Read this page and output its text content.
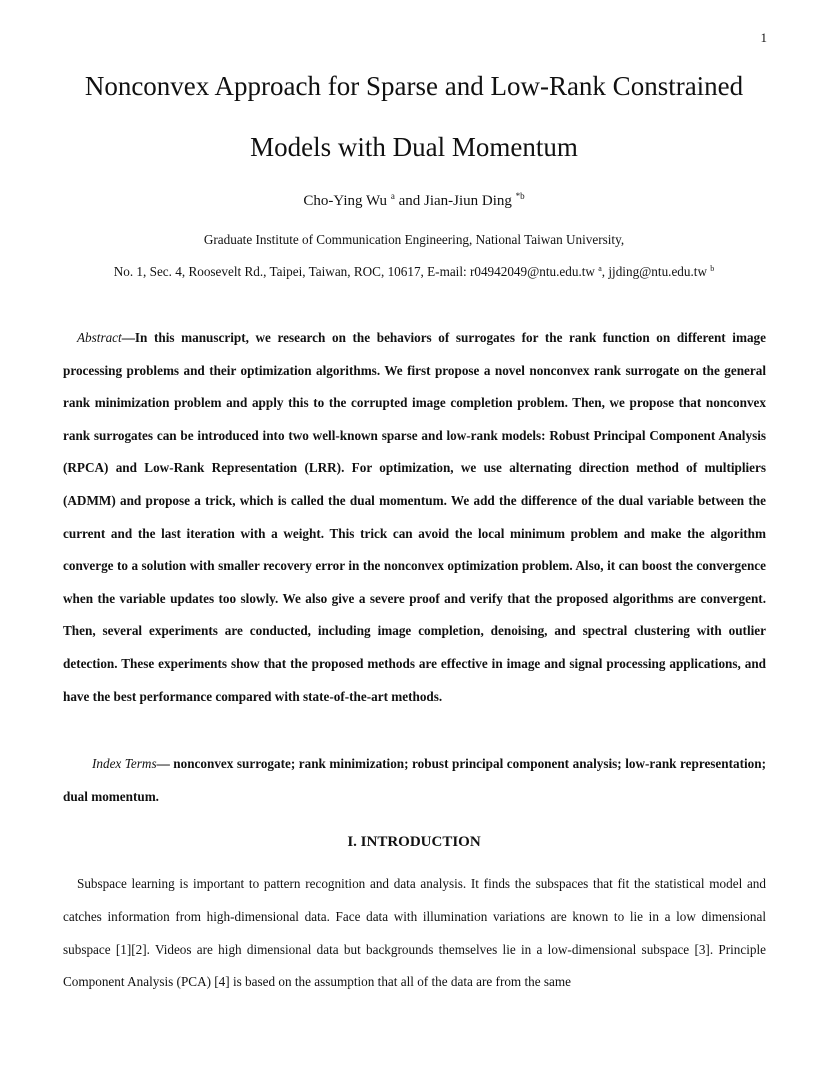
1
Nonconvex Approach for Sparse and Low-Rank Constrained
Models with Dual Momentum
Cho-Ying Wu $^a$ and Jian-Jiun Ding $^{*b}$
Graduate Institute of Communication Engineering, National Taiwan University,
No. 1, Sec. 4, Roosevelt Rd., Taipei, Taiwan, ROC, 10617, E-mail: r04942049@ntu.edu.tw $^a$, jjding@ntu.edu.tw $^b$
Abstract—In this manuscript, we research on the behaviors of surrogates for the rank function on different image processing problems and their optimization algorithms. We first propose a novel nonconvex rank surrogate on the general rank minimization problem and apply this to the corrupted image completion problem. Then, we propose that nonconvex rank surrogates can be introduced into two well-known sparse and low-rank models: Robust Principal Component Analysis (RPCA) and Low-Rank Representation (LRR). For optimization, we use alternating direction method of multipliers (ADMM) and propose a trick, which is called the dual momentum. We add the difference of the dual variable between the current and the last iteration with a weight. This trick can avoid the local minimum problem and make the algorithm converge to a solution with smaller recovery error in the nonconvex optimization problem. Also, it can boost the convergence when the variable updates too slowly. We also give a severe proof and verify that the proposed algorithms are convergent. Then, several experiments are conducted, including image completion, denoising, and spectral clustering with outlier detection. These experiments show that the proposed methods are effective in image and signal processing applications, and have the best performance compared with state-of-the-art methods.
Index Terms— nonconvex surrogate; rank minimization; robust principal component analysis; low-rank representation; dual momentum.
I. INTRODUCTION
Subspace learning is important to pattern recognition and data analysis. It finds the subspaces that fit the statistical model and catches information from high-dimensional data. Face data with illumination variations are known to lie in a low dimensional subspace [1][2]. Videos are high dimensional data but backgrounds themselves lie in a low-dimensional subspace [3]. Principle Component Analysis (PCA) [4] is based on the assumption that all of the data are from the same
